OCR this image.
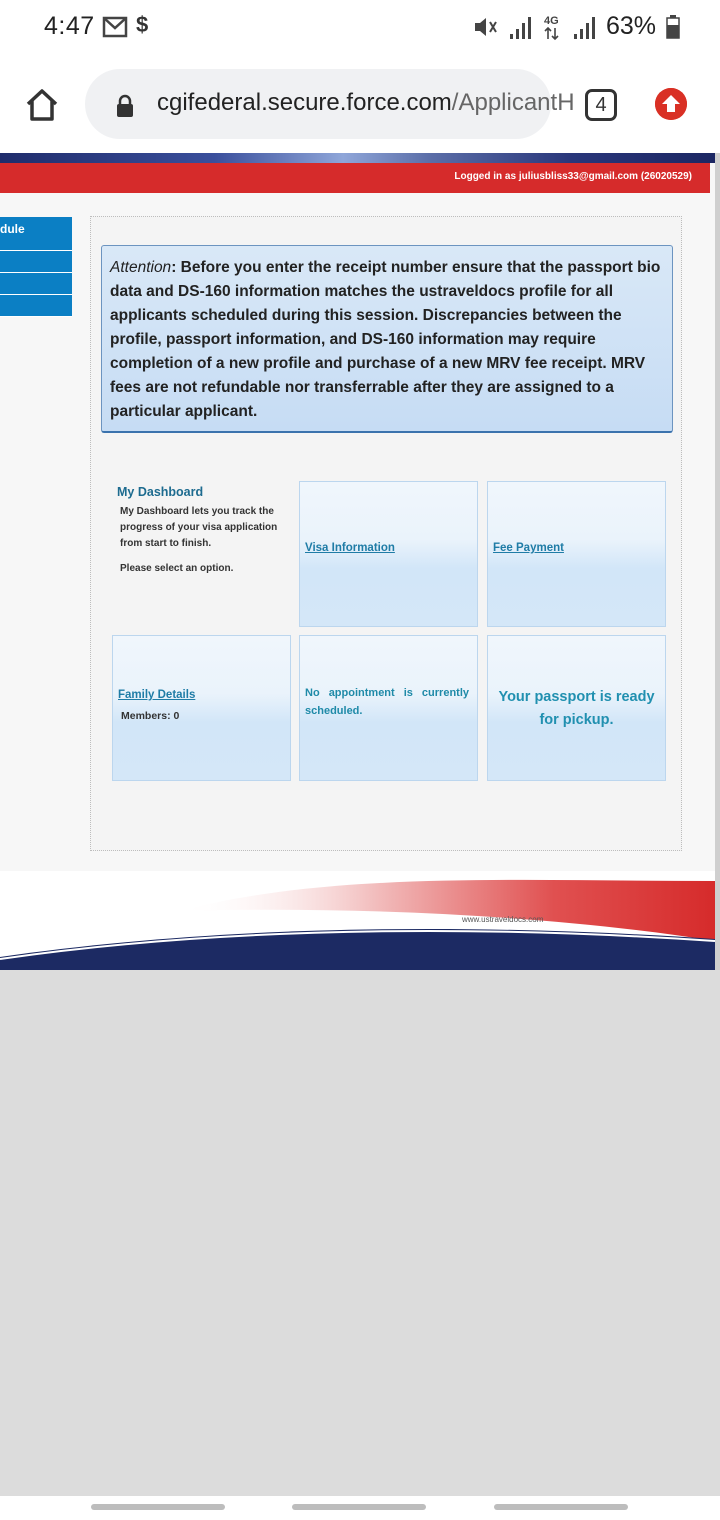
4:47 $	4G 63%
cgifederal.secure.force.com/ApplicantH	4
Logged in as juliusbliss33@gmail.com (26020529)
dule
Attention: Before you enter the receipt number ensure that the passport bio data and DS-160 information matches the ustraveldocs profile for all applicants scheduled during this session. Discrepancies between the profile, passport information, and DS-160 information may require completion of a new profile and purchase of a new MRV fee receipt. MRV fees are not refundable nor transferrable after they are assigned to a particular applicant.
My Dashboard
My Dashboard lets you track the progress of your visa application from start to finish.
Please select an option.
Visa Information	Fee Payment
Family Details
Members: 0
No appointment is currently scheduled.
Your passport is ready for pickup.
www.ustraveldocs.com
